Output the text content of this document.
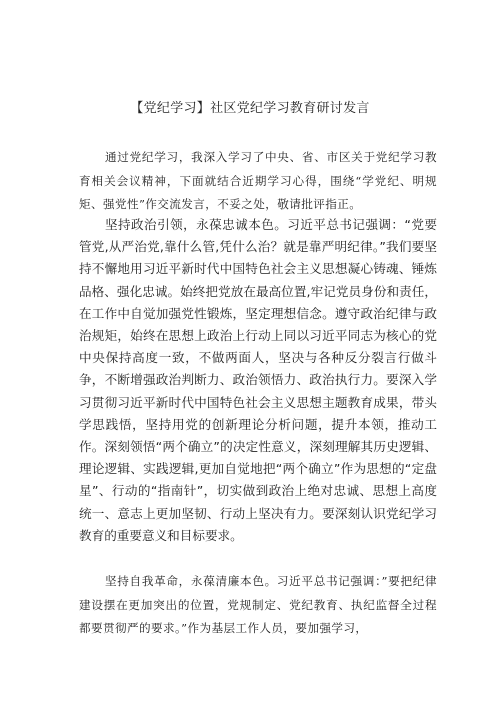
【党纪学习】社区党纪学习教育研讨发言

通过党纪学习，我深入学习了中央、省、市区关于党纪学习教育相关会议精神，下面就结合近期学习心得，围绕“学党纪、明规矩、强党性”作交流发言，不妥之处，敬请批评指正。

坚持政治引领，永葆忠诚本色。习近平总书记强调：“党要管党,从严治党,靠什么管,凭什么治？就是靠严明纪律。”我们要坚持不懈地用习近平新时代中国特色社会主义思想凝心铸魂、锤炼品格、强化忠诚。始终把党放在最高位置,牢记党员身份和责任，在工作中自觉加强党性锻炼，坚定理想信念。遵守政治纪律与政治规矩，始终在思想上政治上行动上同以习近平同志为核心的党中央保持高度一致，不做两面人，坚决与各种反分裂言行做斗争，不断增强政治判断力、政治领悟力、政治执行力。要深入学习贯彻习近平新时代中国特色社会主义思想主题教育成果，带头学思践悟，坚持用党的创新理论分析问题，提升本领，推动工作。深刻领悟“两个确立”的决定性意义，深刻理解其历史逻辑、理论逻辑、实践逻辑,更加自觉地把“两个确立”作为思想的“定盘星”、行动的“指南针”，切实做到政治上绝对忠诚、思想上高度统一、意志上更加坚韧、行动上坚决有力。要深刻认识党纪学习教育的重要意义和目标要求。

坚持自我革命，永葆清廉本色。习近平总书记强调：”要把纪律建设摆在更加突出的位置，党规制定、党纪教育、执纪监督全过程都要贯彻严的要求。”作为基层工作人员，要加强学习，
